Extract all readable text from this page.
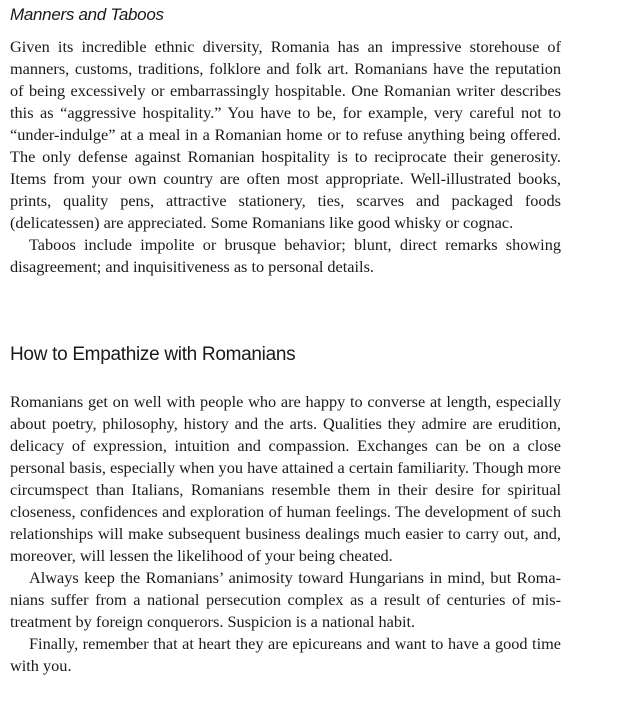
Manners and Taboos

Given its incredible ethnic diversity, Romania has an impressive storehouse of manners, customs, traditions, folklore and folk art. Romanians have the reputation of being excessively or embarrassingly hospitable. One Romanian writer describes this as “aggressive hospitality.” You have to be, for example, very careful not to “under-indulge” at a meal in a Romanian home or to refuse anything being offered. The only defense against Romanian hospitality is to reciprocate their generosity. Items from your own country are often most appropriate. Well-illustrated books, prints, quality pens, attractive stationery, ties, scarves and packaged foods (delicatessen) are appreciated. Some Romanians like good whisky or cognac.

Taboos include impolite or brusque behavior; blunt, direct remarks showing disagreement; and inquisitiveness as to personal details.

How to Empathize with Romanians

Romanians get on well with people who are happy to converse at length, especially about poetry, philosophy, history and the arts. Qualities they admire are erudition, delicacy of expression, intuition and compassion. Exchanges can be on a close personal basis, especially when you have attained a certain familiarity. Though more circumspect than Italians, Romanians resemble them in their desire for spiritual closeness, confidences and exploration of human feelings. The development of such relationships will make subsequent business dealings much easier to carry out, and, moreover, will lessen the likelihood of your being cheated.

Always keep the Romanians’ animosity toward Hungarians in mind, but Romanians suffer from a national persecution complex as a result of centuries of mistreatment by foreign conquerors. Suspicion is a national habit.

Finally, remember that at heart they are epicureans and want to have a good time with you.
